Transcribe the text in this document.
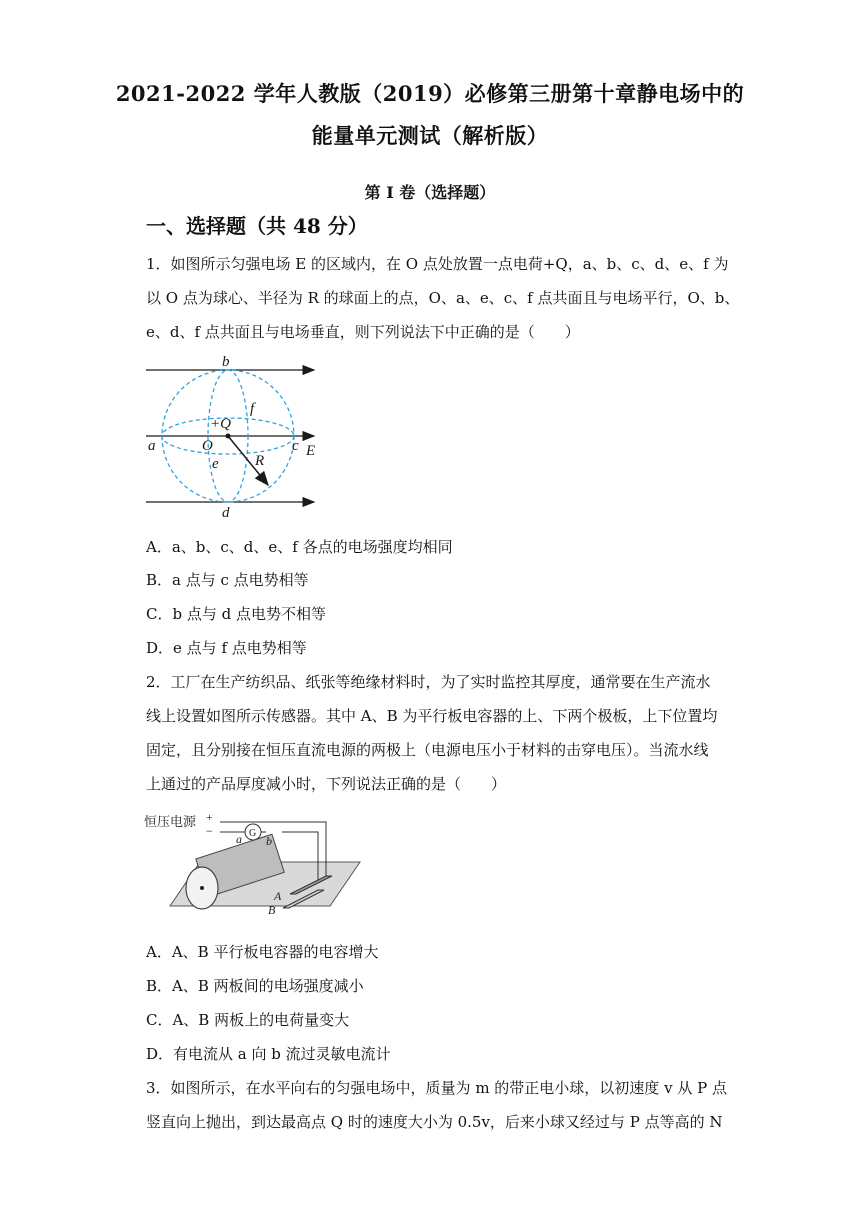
2021-2022 学年人教版（2019）必修第三册第十章静电场中的
能量单元测试（解析版）
第 I 卷（选择题）
一、选择题（共 48 分）
1．如图所示匀强电场 E 的区域内，在 O 点处放置一点电荷+Q，a、b、c、d、e、f 为
以 O 点为球心、半径为 R 的球面上的点，O、a、e、c、f 点共面且与电场平行，O、b、
e、d、f 点共面且与电场垂直，则下列说法下中正确的是（　　）
b
f
+Q
a	O	c E
e R
d
A．a、b、c、d、e、f 各点的电场强度均相同
B．a 点与 c 点电势相等
C．b 点与 d 点电势不相等
D．e 点与 f 点电势相等
2．工厂在生产纺织品、纸张等绝缘材料时，为了实时监控其厚度，通常要在生产流水
线上设置如图所示传感器。其中 A、B 为平行板电容器的上、下两个极板，上下位置均
固定，且分别接在恒压直流电源的两极上（电源电压小于材料的击穿电压）。当流水线
上通过的产品厚度减小时，下列说法正确的是（　　）
恒压电源 +
−
a G
b
A
B
A．A、B 平行板电容器的电容增大
B．A、B 两板间的电场强度减小
C．A、B 两板上的电荷量变大
D．有电流从 a 向 b 流过灵敏电流计
3．如图所示，在水平向右的匀强电场中，质量为 m 的带正电小球，以初速度 v 从 P 点
竖直向上抛出，到达最高点 Q 时的速度大小为 0.5v，后来小球又经过与 P 点等高的 N
